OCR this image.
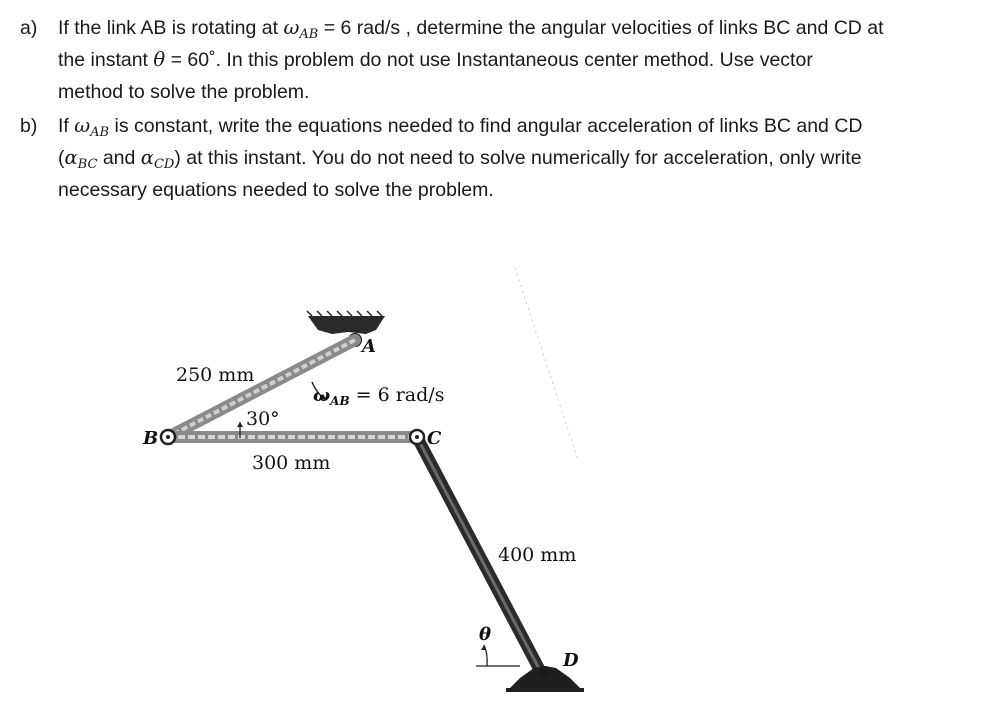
a) If the link AB is rotating at $\omega_{AB} = 6$ rad/s , determine the angular velocities of links BC and CD at
the instant θ = 60˚. In this problem do not use Instantaneous center method. Use vector
method to solve the problem.
b) If $\omega_{AB}$ is constant, write the equations needed to find angular acceleration of links BC and CD
($\alpha_{BC}$ and $\alpha_{CD}$) at this instant. You do not need to solve numerically for acceleration, only write
necessary equations needed to solve the problem.
A
B	C
D
θ
250 mm
300 mm
400 mm
30°
$\omega_{AB} = 6$ rad/s
